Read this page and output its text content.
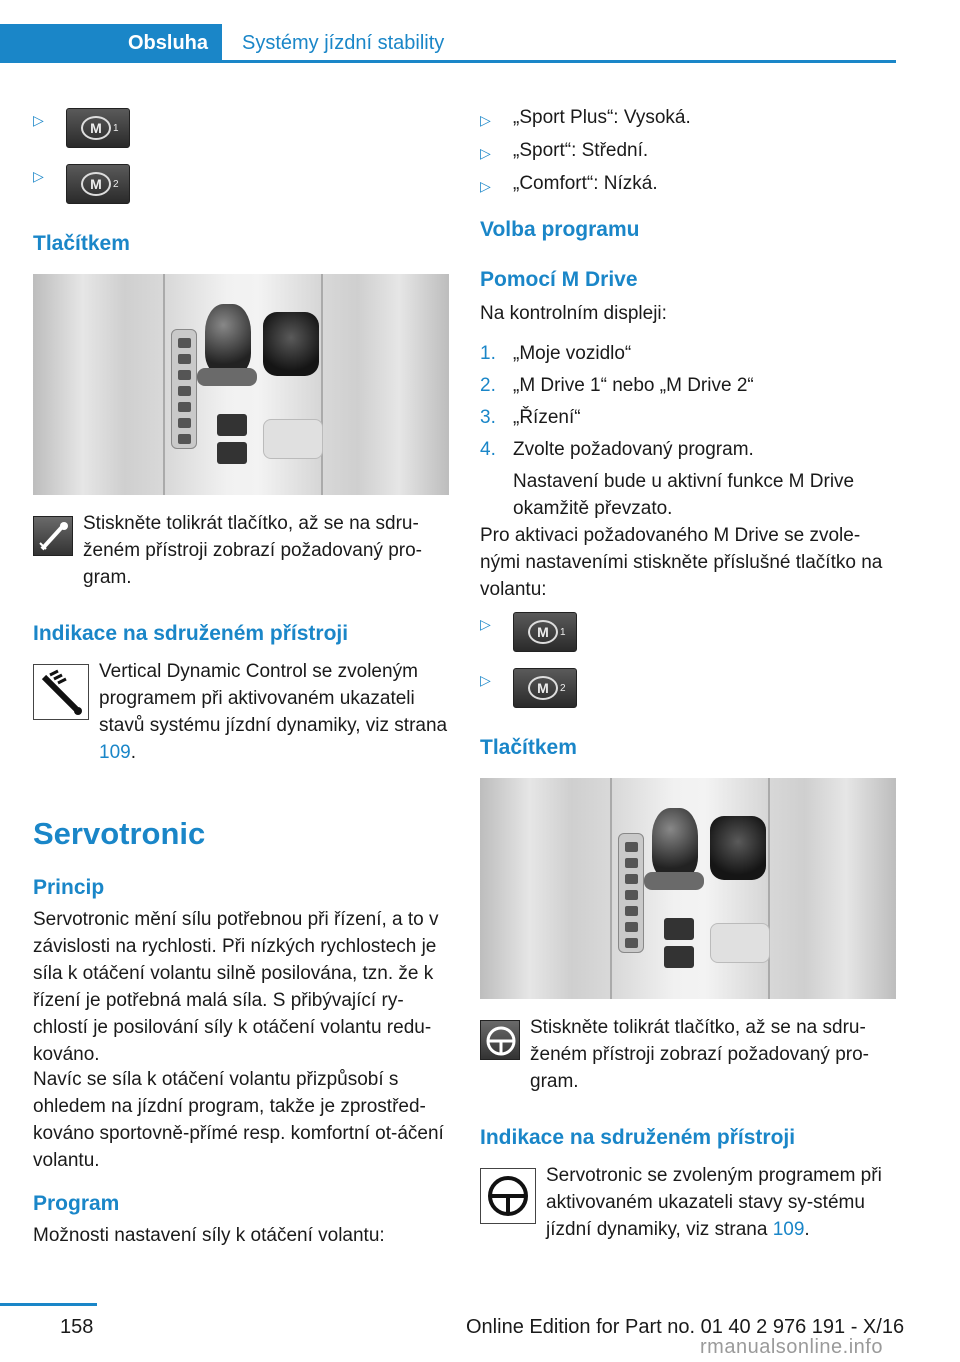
Obsluha	Systémy jízdní stability
▷	M	1
▷	M	2
Tlačítkem
Stiskněte tolikrát tlačítko, až se na sdru-ženém přístroji zobrazí požadovaný pro-gram.
Indikace na sdruženém přístroji
Vertical Dynamic Control se zvoleným programem při aktivovaném ukazateli stavů systému jízdní dynamiky, viz strana 109.
Servotronic
Princip
Servotronic mění sílu potřebnou při řízení, a to v závislosti na rychlosti. Při nízkých rychlostech je síla k otáčení volantu silně posilována, tzn. že k řízení je potřebná malá síla. S přibývající ry-chlostí je posilování síly k otáčení volantu redu-kováno.
Navíc se síla k otáčení volantu přizpůsobí s ohledem na jízdní program, takže je zprostřed-kováno sportovně-přímé resp. komfortní ot-áčení volantu.
Program
Možnosti nastavení síly k otáčení volantu:
▷ „Sport Plus“: Vysoká.
▷ „Sport“: Střední.
▷ „Comfort“: Nízká.
Volba programu
Pomocí M Drive
Na kontrolním displeji:
1. „Moje vozidlo“
2. „M Drive 1“ nebo „M Drive 2“
3. „Řízení“
4. Zvolte požadovaný program.
Nastavení bude u aktivní funkce M Drive okamžitě převzato.
Pro aktivaci požadovaného M Drive se zvole-nými nastaveními stiskněte příslušné tlačítko na volantu:
▷	M	1
▷	M	2
Tlačítkem
Stiskněte tolikrát tlačítko, až se na sdru-ženém přístroji zobrazí požadovaný pro-gram.
Indikace na sdruženém přístroji
Servotronic se zvoleným programem při aktivovaném ukazateli stavy sy-stému jízdní dynamiky, viz strana 109.
158	Online Edition for Part no. 01 40 2 976 191 - X/16
rmanualsonline.info
